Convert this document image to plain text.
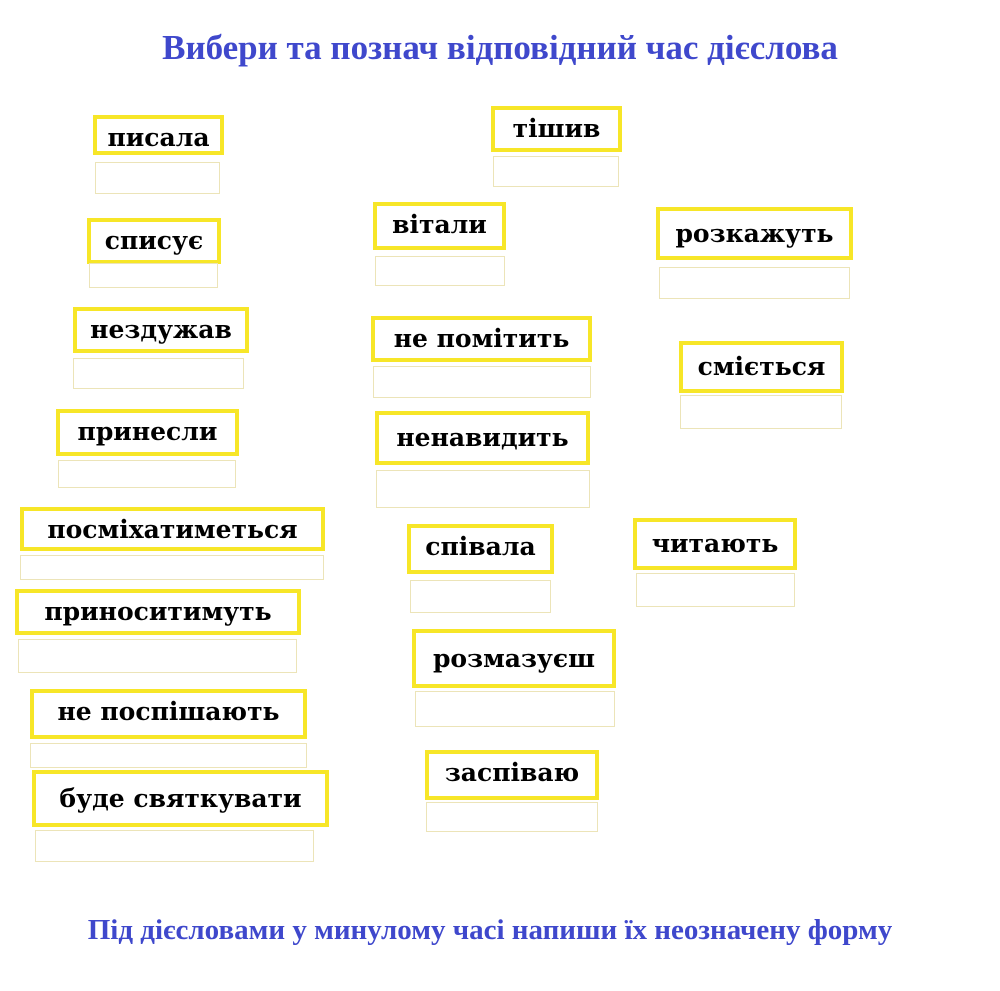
Вибери та познач відповідний час дієслова
писала
списує
нездужав
принесли
посміхатиметься
приноситимуть
не поспішають
буде святкувати
тішив
вітали
не помітить
ненавидить
співала
розмазуєш
заспіваю
розкажуть
сміється
читають
Під дієсловами у минулому часі напиши їх неозначену форму
